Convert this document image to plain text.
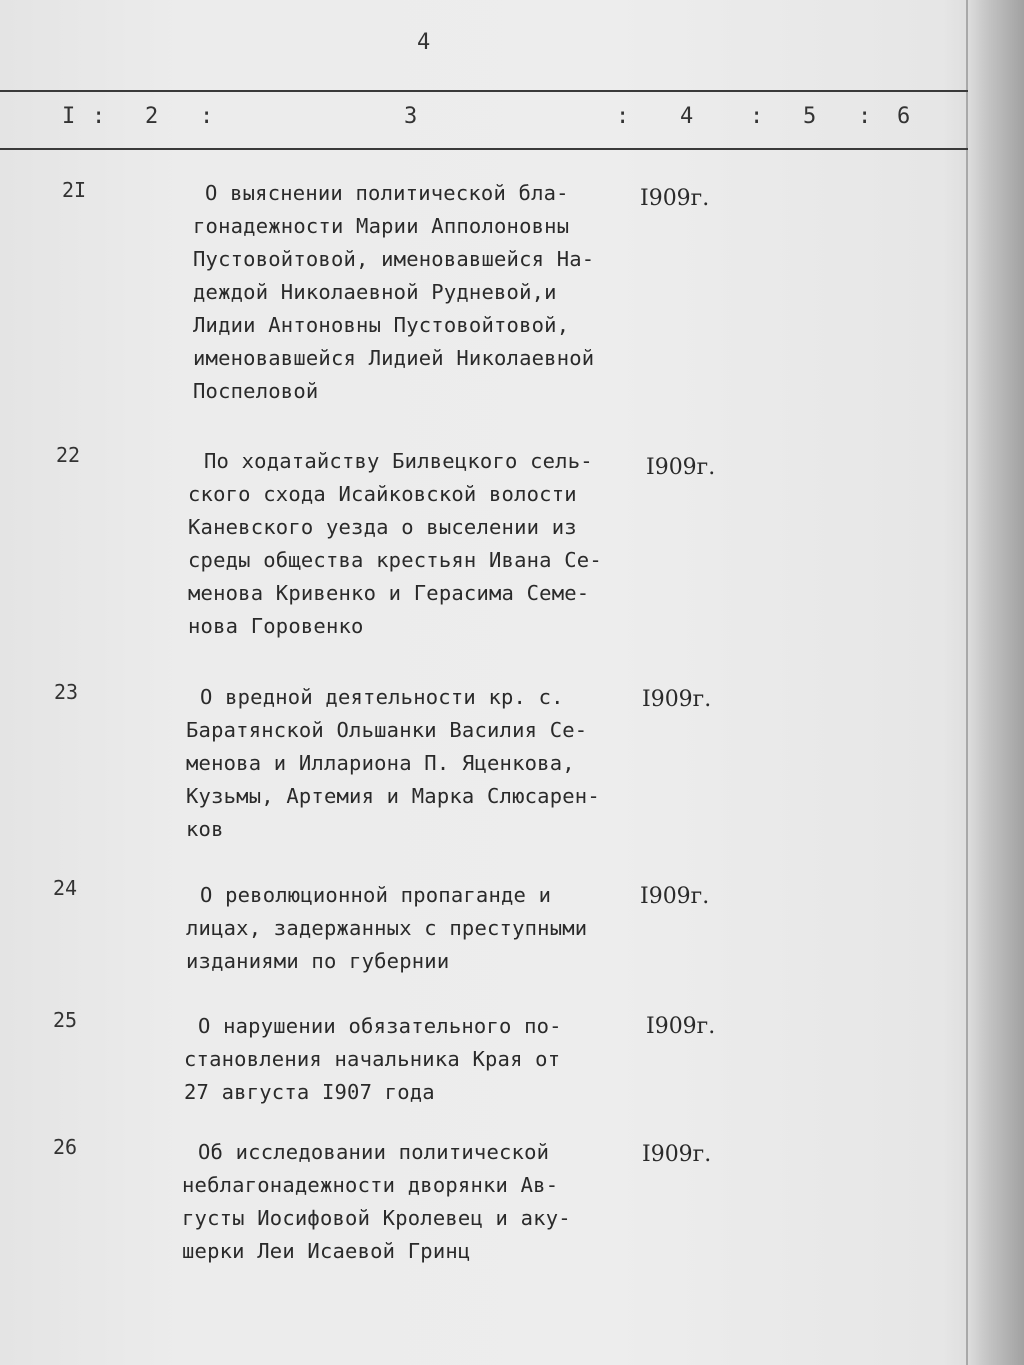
4
I : 2 :	3	: 4	: 5 : 6
2I	О выяснении политической бла-
гонадежности Марии Апполоновны
Пустовойтовой, именовавшейся На-
деждой Николаевной Рудневой,и
Лидии Антоновны Пустовойтовой,
именовавшейся Лидией Николаевной
Поспеловой
I909г.
22	По ходатайству Билвецкого сель-
ского схода Исайковской волости
Каневского уезда о выселении из
среды общества крестьян Ивана Се-
менова Кривенко и Герасима Семе-
нова Горовенко
I909г.
23	О вредной деятельности кр. с.
Баратянской Ольшанки Василия Се-
менова и Иллариона П. Яценкова,
Кузьмы, Артемия и Марка Слюсарен-
ков
I909г.
24	О революционной пропаганде и
лицах, задержанных с преступными
изданиями по губернии
I909г.
25	О нарушении обязательного по-
становления начальника Края от
27 августа I907 года
I909г.
26	Об исследовании политической
неблагонадежности дворянки Ав-
густы Иосифовой Кролевец и аку-
шерки Леи Исаевой Гринц
I909г.
